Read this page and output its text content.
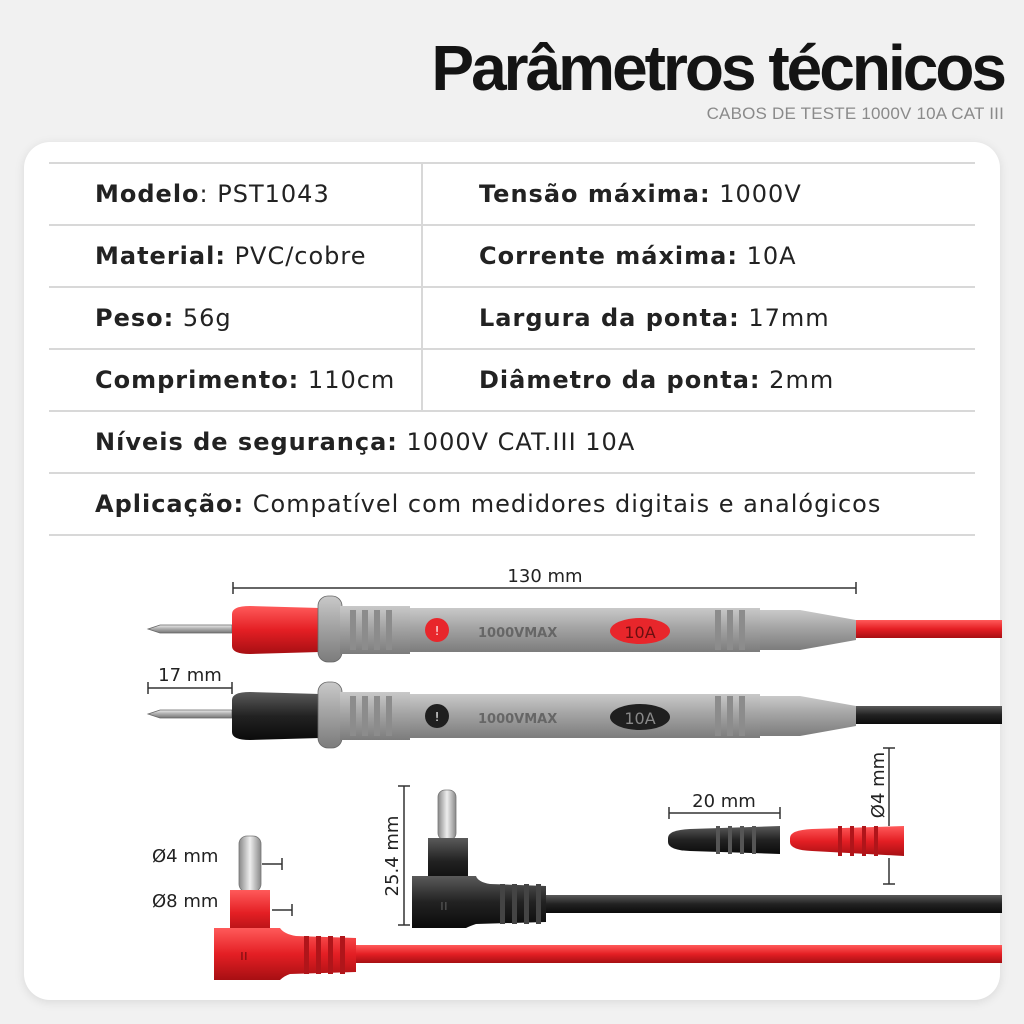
Parâmetros técnicos
CABOS DE TESTE 1000V 10A CAT III
Modelo: PST1043	Tensão máxima: 1000V
Material: PVC/cobre	Corrente máxima: 10A
Peso: 56g	Largura da ponta: 17mm
Comprimento: 110cm	Diâmetro da ponta: 2mm
Níveis de segurança: 1000V CAT.III 10A	
Aplicação: Compatível com medidores digitais e analógicos	
130 mm
!	1000VMAX	10A
17 mm
!	1000VMAX	10A
25.4 mm
ıı
ıı
Ø4 mm
Ø8 mm
20 mm	Ø4 mm
